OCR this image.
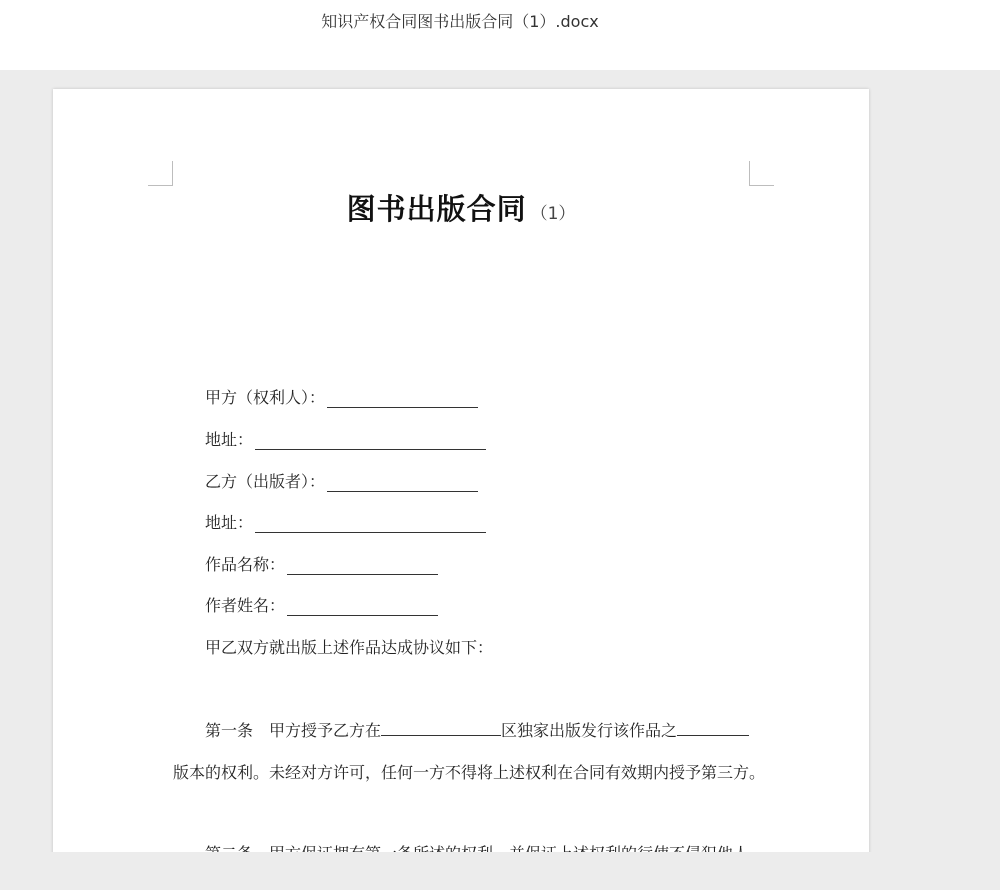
知识产权合同图书出版合同（1）.docx
图书出版合同 （1）
甲方（权利人）：
地址：
乙方（出版者）：
地址：
作品名称：
作者姓名：
甲乙双方就出版上述作品达成协议如下：
第一条　甲方授予乙方在	区独家出版发行该作品之
版本的权利。未经对方许可，任何一方不得将上述权利在合同有效期内授予第三方。
